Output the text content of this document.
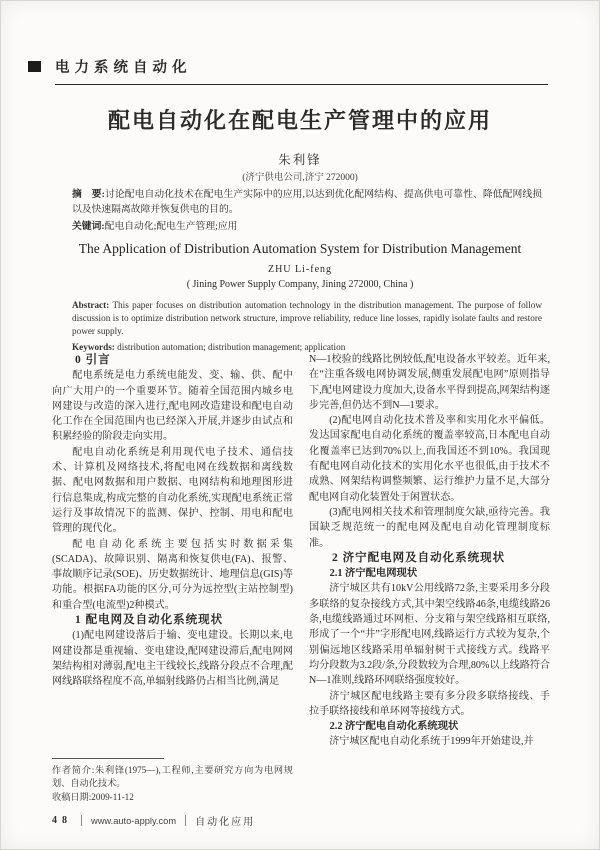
电力系统自动化
配电自动化在配电生产管理中的应用
朱利锋
(济宁供电公司,济宁 272000)
摘　要:讨论配电自动化技术在配电生产实际中的应用,以达到优化配网结构、提高供电可靠性、降低配网线损以及快速隔离故障并恢复供电的目的。
关键词:配电自动化;配电生产管理;应用
The Application of Distribution Automation System for Distribution Management
ZHU Li-feng
( Jining Power Supply Company, Jining 272000, China )
Abstract: This paper focuses on distribution automation technology in the distribution management. The purpose of follow discussion is to optimize distribution network structure, improve reliability, reduce line losses, rapidly isolate faults and restore power supply.
Keywords: distribution automation; distribution management; application

0 引言

配电系统是电力系统电能发、变、输、供、配中向广大用户的一个重要环节。随着全国范围内城乡电网建设与改造的深入进行,配电网改造建设和配电自动化工作在全国范围内也已经深入开展,并逐步由试点和积累经验的阶段走向实用。

配电自动化系统是利用现代电子技术、通信技术、计算机及网络技术,将配电网在线数据和离线数据、配电网数据和用户数据、电网结构和地理图形进行信息集成,构成完整的自动化系统,实现配电系统正常运行及事故情况下的监测、保护、控制、用电和配电管理的现代化。

配电自动化系统主要包括实时数据采集(SCADA)、故障识别、隔离和恢复供电(FA)、报警、事故顺序记录(SOE)、历史数据统计、地理信息(GIS)等功能。根据FA功能的区分,可分为远控型(主站控制型)和重合型(电流型)2种模式。

1 配电网及自动化系统现状

(1)配电网建设落后于输、变电建设。长期以来,电网建设都是重视输、变电建设,配网建设滞后,配电网网架结构相对薄弱,配电主干线较长,线路分段点不合理,配网线路联络程度不高,单辐射线路仍占相当比例,满足

作者简介:朱利锋(1975—),工程师,主要研究方向为电网规划、自动化技术。

收稿日期:2009-11-12

N—1校验的线路比例较低,配电设备水平较差。近年来,在“注重各级电网协调发展,侧重发展配电网”原则指导下,配电网建设力度加大,设备水平得到提高,网架结构逐步完善,但仍达不到N—1要求。

(2)配电网自动化技术普及率和实用化水平偏低。发达国家配电自动化系统的覆盖率较高,日本配电自动化覆盖率已达到70%以上,而我国还不到10%。我国现有配电网自动化技术的实用化水平也很低,由于技术不成熟、网架结构调整频繁、运行维护力量不足,大部分配电网自动化装置处于闲置状态。

(3)配电网相关技术和管理制度欠缺,亟待完善。我国缺乏规范统一的配电网及配电自动化管理制度标准。

2 济宁配电网及自动化系统现状

2.1 济宁配电网现状

济宁城区共有10kV公用线路72条,主要采用多分段多联络的复杂接线方式,其中架空线路46条,电缆线路26条,电缆线路通过环网柜、分支箱与架空线路相互联络,形成了一个“井”字形配电网,线路运行方式较为复杂,个别偏远地区线路采用单辐射树干式接线方式。线路平均分段数为3.2段/条,分段数较为合理,80%以上线路符合N—1准则,线路环网联络强度较好。

济宁城区配电线路主要有多分段多联络接线、手拉手联络接线和单环网等接线方式。

2.2 济宁配电自动化系统现状

济宁城区配电自动化系统于1999年开始建设,并

48 www.auto-apply.com 自动化应用
